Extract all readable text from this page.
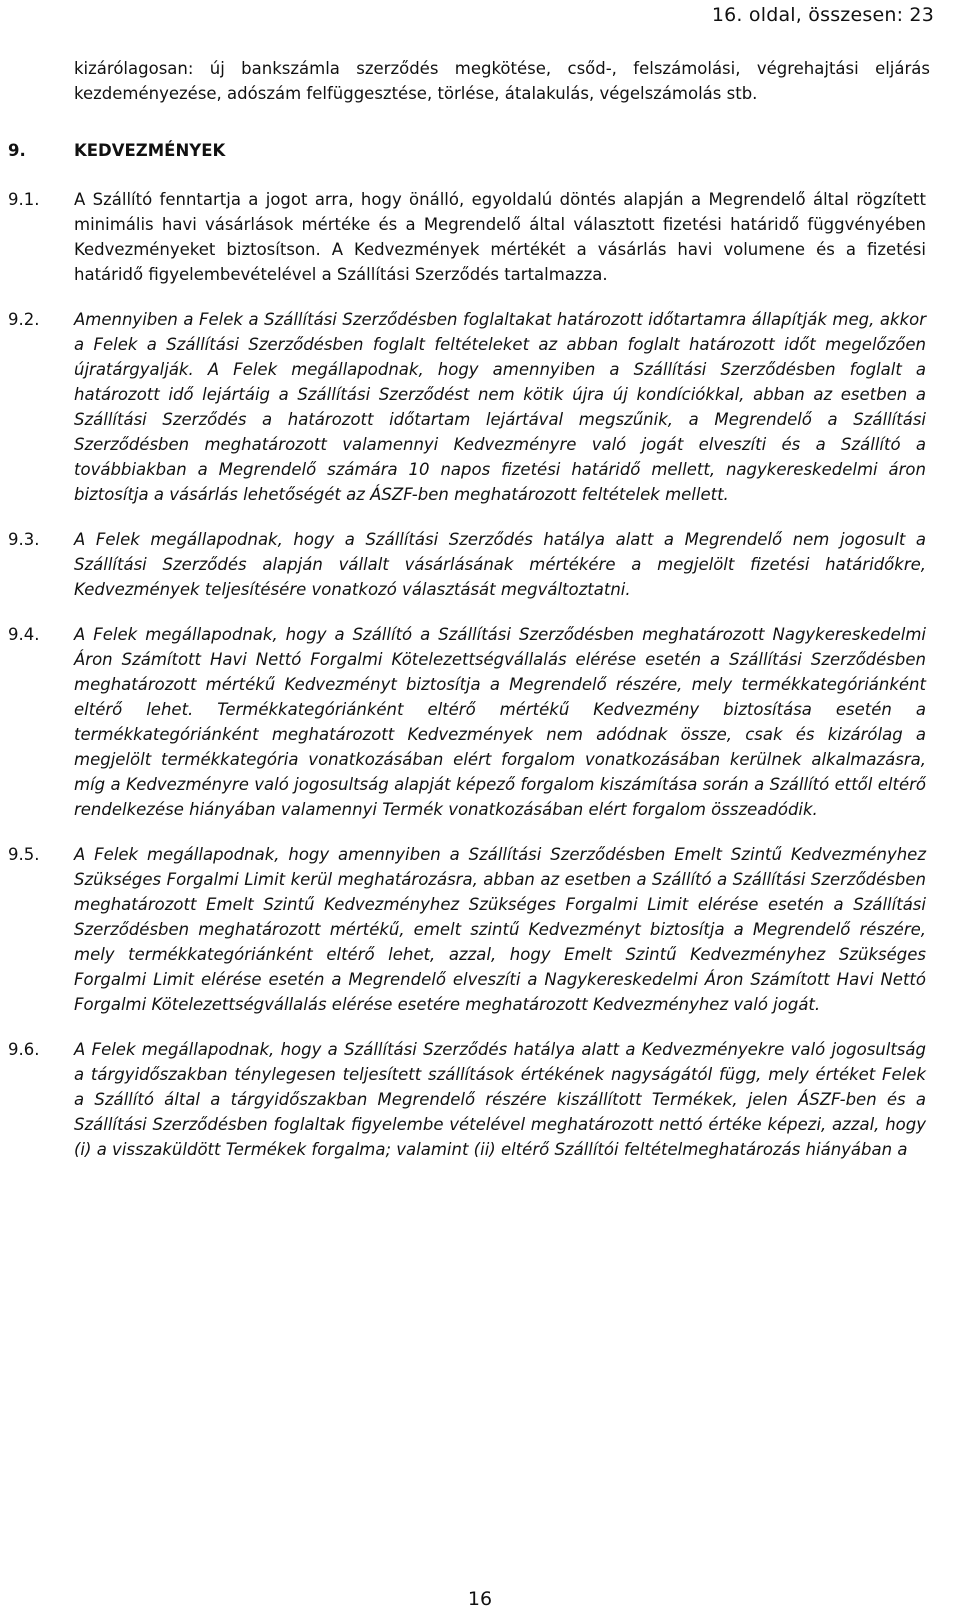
16. oldal, összesen: 23

kizárólagosan: új bankszámla szerződés megkötése, csőd-, felszámolási, végrehajtási eljárás kezdeményezése, adószám felfüggesztése, törlése, átalakulás, végelszámolás stb.

9.	KEDVEZMÉNYEK
9.1.	A Szállító fenntartja a jogot arra, hogy önálló, egyoldalú döntés alapján a Megrendelő által rögzített minimális havi vásárlások mértéke és a Megrendelő által választott fizetési határidő függvényében Kedvezményeket biztosítson. A Kedvezmények mértékét a vásárlás havi volumene és a fizetési határidő figyelembevételével a Szállítási Szerződés tartalmazza.
9.2.	Amennyiben a Felek a Szállítási Szerződésben foglaltakat határozott időtartamra állapítják meg, akkor a Felek a Szállítási Szerződésben foglalt feltételeket az abban foglalt határozott időt megelőzően újratárgyalják. A Felek megállapodnak, hogy amennyiben a Szállítási Szerződésben foglalt a határozott idő lejártáig a Szállítási Szerződést nem kötik újra új kondíciókkal, abban az esetben a Szállítási Szerződés a határozott időtartam lejártával megszűnik, a Megrendelő a Szállítási Szerződésben meghatározott valamennyi Kedvezményre való jogát elveszíti és a Szállító a továbbiakban a Megrendelő számára 10 napos fizetési határidő mellett, nagykereskedelmi áron biztosítja a vásárlás lehetőségét az ÁSZF-ben meghatározott feltételek mellett.
9.3.	A Felek megállapodnak, hogy a Szállítási Szerződés hatálya alatt a Megrendelő nem jogosult a Szállítási Szerződés alapján vállalt vásárlásának mértékére a megjelölt fizetési határidőkre, Kedvezmények teljesítésére vonatkozó választását megváltoztatni.
9.4.	A Felek megállapodnak, hogy a Szállító a Szállítási Szerződésben meghatározott Nagykereskedelmi Áron Számított Havi Nettó Forgalmi Kötelezettségvállalás elérése esetén a Szállítási Szerződésben meghatározott mértékű Kedvezményt biztosítja a Megrendelő részére, mely termékkategóriánként eltérő lehet. Termékkategóriánként eltérő mértékű Kedvezmény biztosítása esetén a termékkategóriánként meghatározott Kedvezmények nem adódnak össze, csak és kizárólag a megjelölt termékkategória vonatkozásában elért forgalom vonatkozásában kerülnek alkalmazásra, míg a Kedvezményre való jogosultság alapját képező forgalom kiszámítása során a Szállító ettől eltérő rendelkezése hiányában valamennyi Termék vonatkozásában elért forgalom összeadódik.
9.5.	A Felek megállapodnak, hogy amennyiben a Szállítási Szerződésben Emelt Szintű Kedvezményhez Szükséges Forgalmi Limit kerül meghatározásra, abban az esetben a Szállító a Szállítási Szerződésben meghatározott Emelt Szintű Kedvezményhez Szükséges Forgalmi Limit elérése esetén a Szállítási Szerződésben meghatározott mértékű, emelt szintű Kedvezményt biztosítja a Megrendelő részére, mely termékkategóriánként eltérő lehet, azzal, hogy Emelt Szintű Kedvezményhez Szükséges Forgalmi Limit elérése esetén a Megrendelő elveszíti a Nagykereskedelmi Áron Számított Havi Nettó Forgalmi Kötelezettségvállalás elérése esetére meghatározott Kedvezményhez való jogát.
9.6.	A Felek megállapodnak, hogy a Szállítási Szerződés hatálya alatt a Kedvezményekre való jogosultság a tárgyidőszakban ténylegesen teljesített szállítások értékének nagyságától függ, mely értéket Felek a Szállító által a tárgyidőszakban Megrendelő részére kiszállított Termékek, jelen ÁSZF-ben és a Szállítási Szerződésben foglaltak figyelembe vételével meghatározott nettó értéke képezi, azzal, hogy (i) a visszaküldött Termékek forgalma; valamint (ii) eltérő Szállítói feltételmeghatározás hiányában a
16
